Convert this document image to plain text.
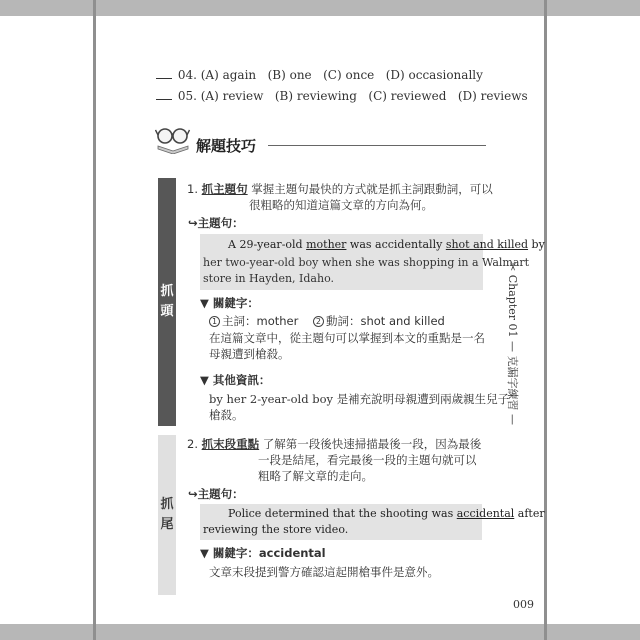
04. (A) again (B) one (C) once (D) occasionally
05. (A) review (B) reviewing (C) reviewed (D) reviews
解題技巧
抓
頭
抓
尾
1. 抓主題句 掌握主題句最快的方式就是抓主詞跟動詞，可以
很粗略的知道這篇文章的方向為何。
↪主題句：
A 29-year-old mother was accidentally shot and killed by
her two-year-old boy when she was shopping in a Walmart
store in Hayden, Idaho.
▼ 關鍵字：
1 主詞：mother 2 動詞：shot and killed
在這篇文章中，從主題句可以掌握到本文的重點是一名
母親遭到槍殺。
▼ 其他資訊：
by her 2-year-old boy 是補充說明母親遭到兩歲親生兒子
槍殺。
2. 抓末段重點 了解第一段後快速掃描最後一段，因為最後
一段是結尾，看完最後一段的主題句就可以
粗略了解文章的走向。
↪主題句：
Police determined that the shooting was accidental after
reviewing the store video.
▼ 關鍵字：accidental
文章末段提到警方確認這起開槍事件是意外。
✂ Chapter 01 — 克漏字練習 —
009
